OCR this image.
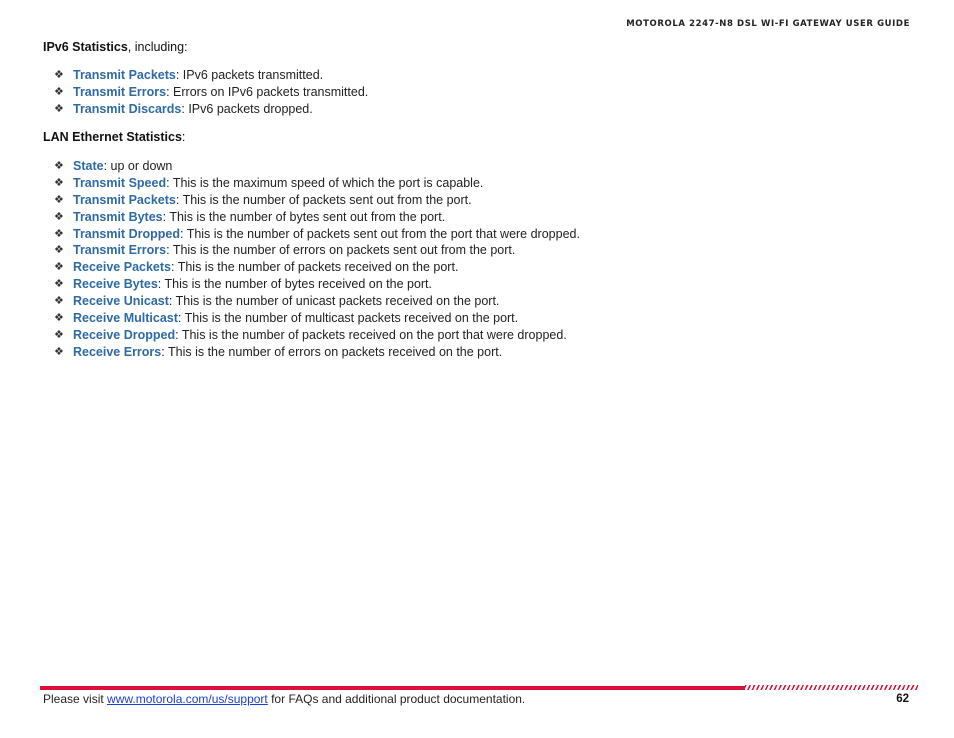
MOTOROLA 2247-N8 DSL WI-FI GATEWAY USER GUIDE

IPv6 Statistics, including:

❖ Transmit Packets : IPv6 packets transmitted.
❖ Transmit Errors : Errors on IPv6 packets transmitted.
❖ Transmit Discards : IPv6 packets dropped.

LAN Ethernet Statistics:

❖ State : up or down
❖ Transmit Speed : This is the maximum speed of which the port is capable.
❖ Transmit Packets : This is the number of packets sent out from the port.
❖ Transmit Bytes : This is the number of bytes sent out from the port.
❖ Transmit Dropped : This is the number of packets sent out from the port that were dropped.
❖ Transmit Errors : This is the number of errors on packets sent out from the port.
❖ Receive Packets : This is the number of packets received on the port.
❖ Receive Bytes : This is the number of bytes received on the port.
❖ Receive Unicast : This is the number of unicast packets received on the port.
❖ Receive Multicast : This is the number of multicast packets received on the port.
❖ Receive Dropped : This is the number of packets received on the port that were dropped.
❖ Receive Errors : This is the number of errors on packets received on the port.
Please visit www.motorola.com/us/support for FAQs and additional product documentation.	62
